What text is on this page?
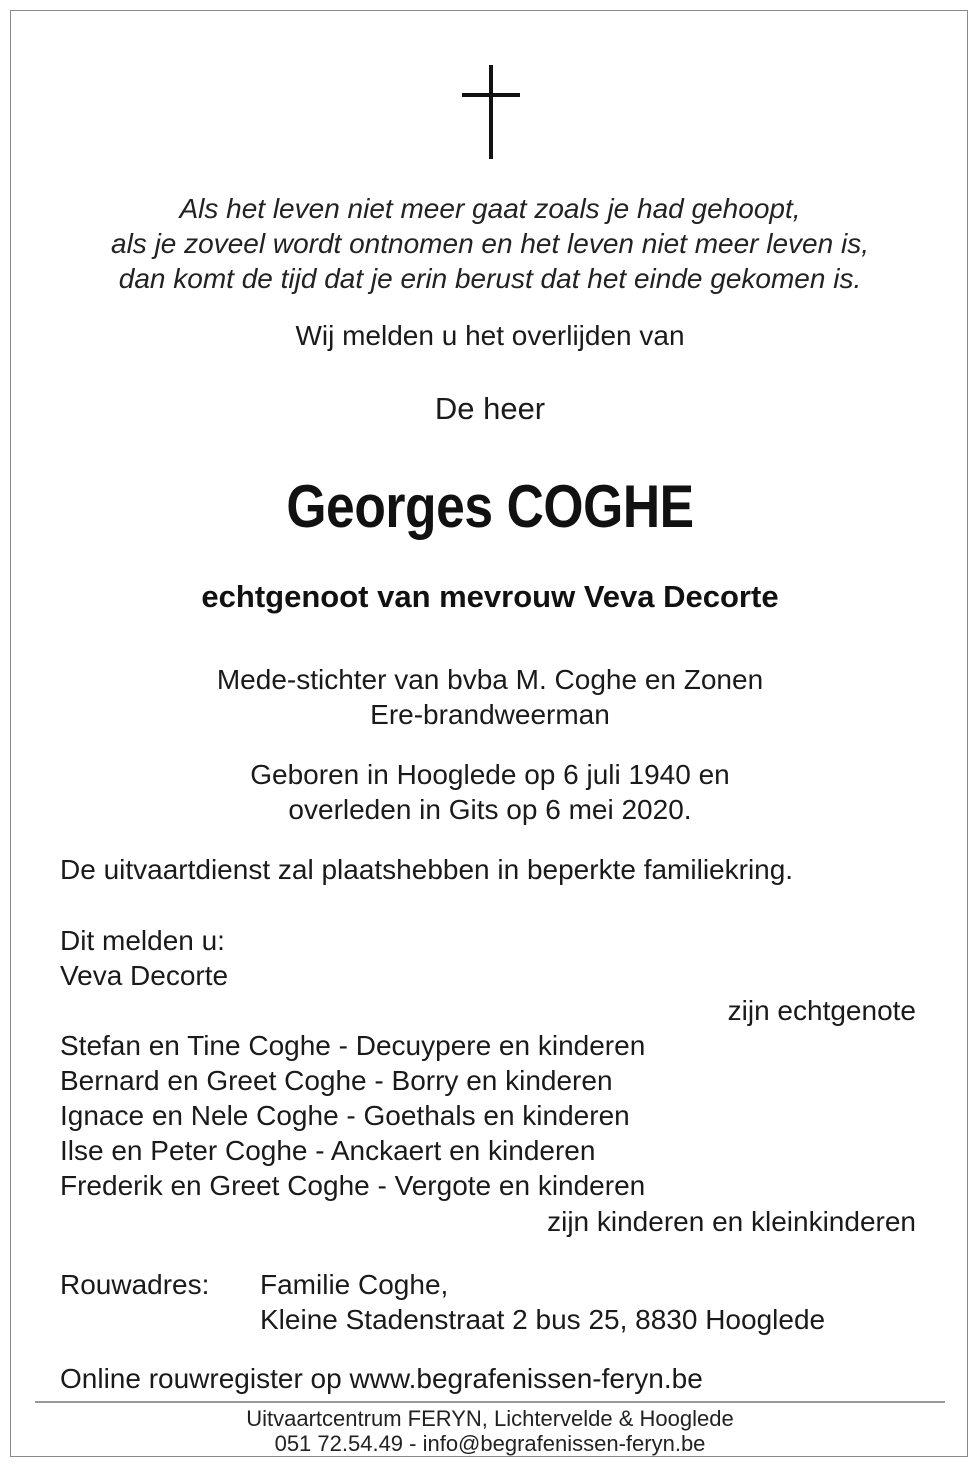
Als het leven niet meer gaat zoals je had gehoopt,
als je zoveel wordt ontnomen en het leven niet meer leven is,
dan komt de tijd dat je erin berust dat het einde gekomen is.
Wij melden u het overlijden van
De heer
Georges COGHE
echtgenoot van mevrouw Veva Decorte
Mede-stichter van bvba M. Coghe en Zonen
Ere-brandweerman
Geboren in Hooglede op 6 juli 1940 en
overleden in Gits op 6 mei 2020.
De uitvaartdienst zal plaatshebben in beperkte familiekring.
Dit melden u:
Veva Decorte
zijn echtgenote
Stefan en Tine Coghe - Decuypere en kinderen
Bernard en Greet Coghe - Borry en kinderen
Ignace en Nele Coghe - Goethals en kinderen
Ilse en Peter Coghe - Anckaert en kinderen
Frederik en Greet Coghe - Vergote en kinderen
zijn kinderen en kleinkinderen
Rouwadres: Familie Coghe,
Kleine Stadenstraat 2 bus 25, 8830 Hooglede
Online rouwregister op www.begrafenissen-feryn.be
Uitvaartcentrum FERYN, Lichtervelde & Hooglede
051 72.54.49 - info@begrafenissen-feryn.be
